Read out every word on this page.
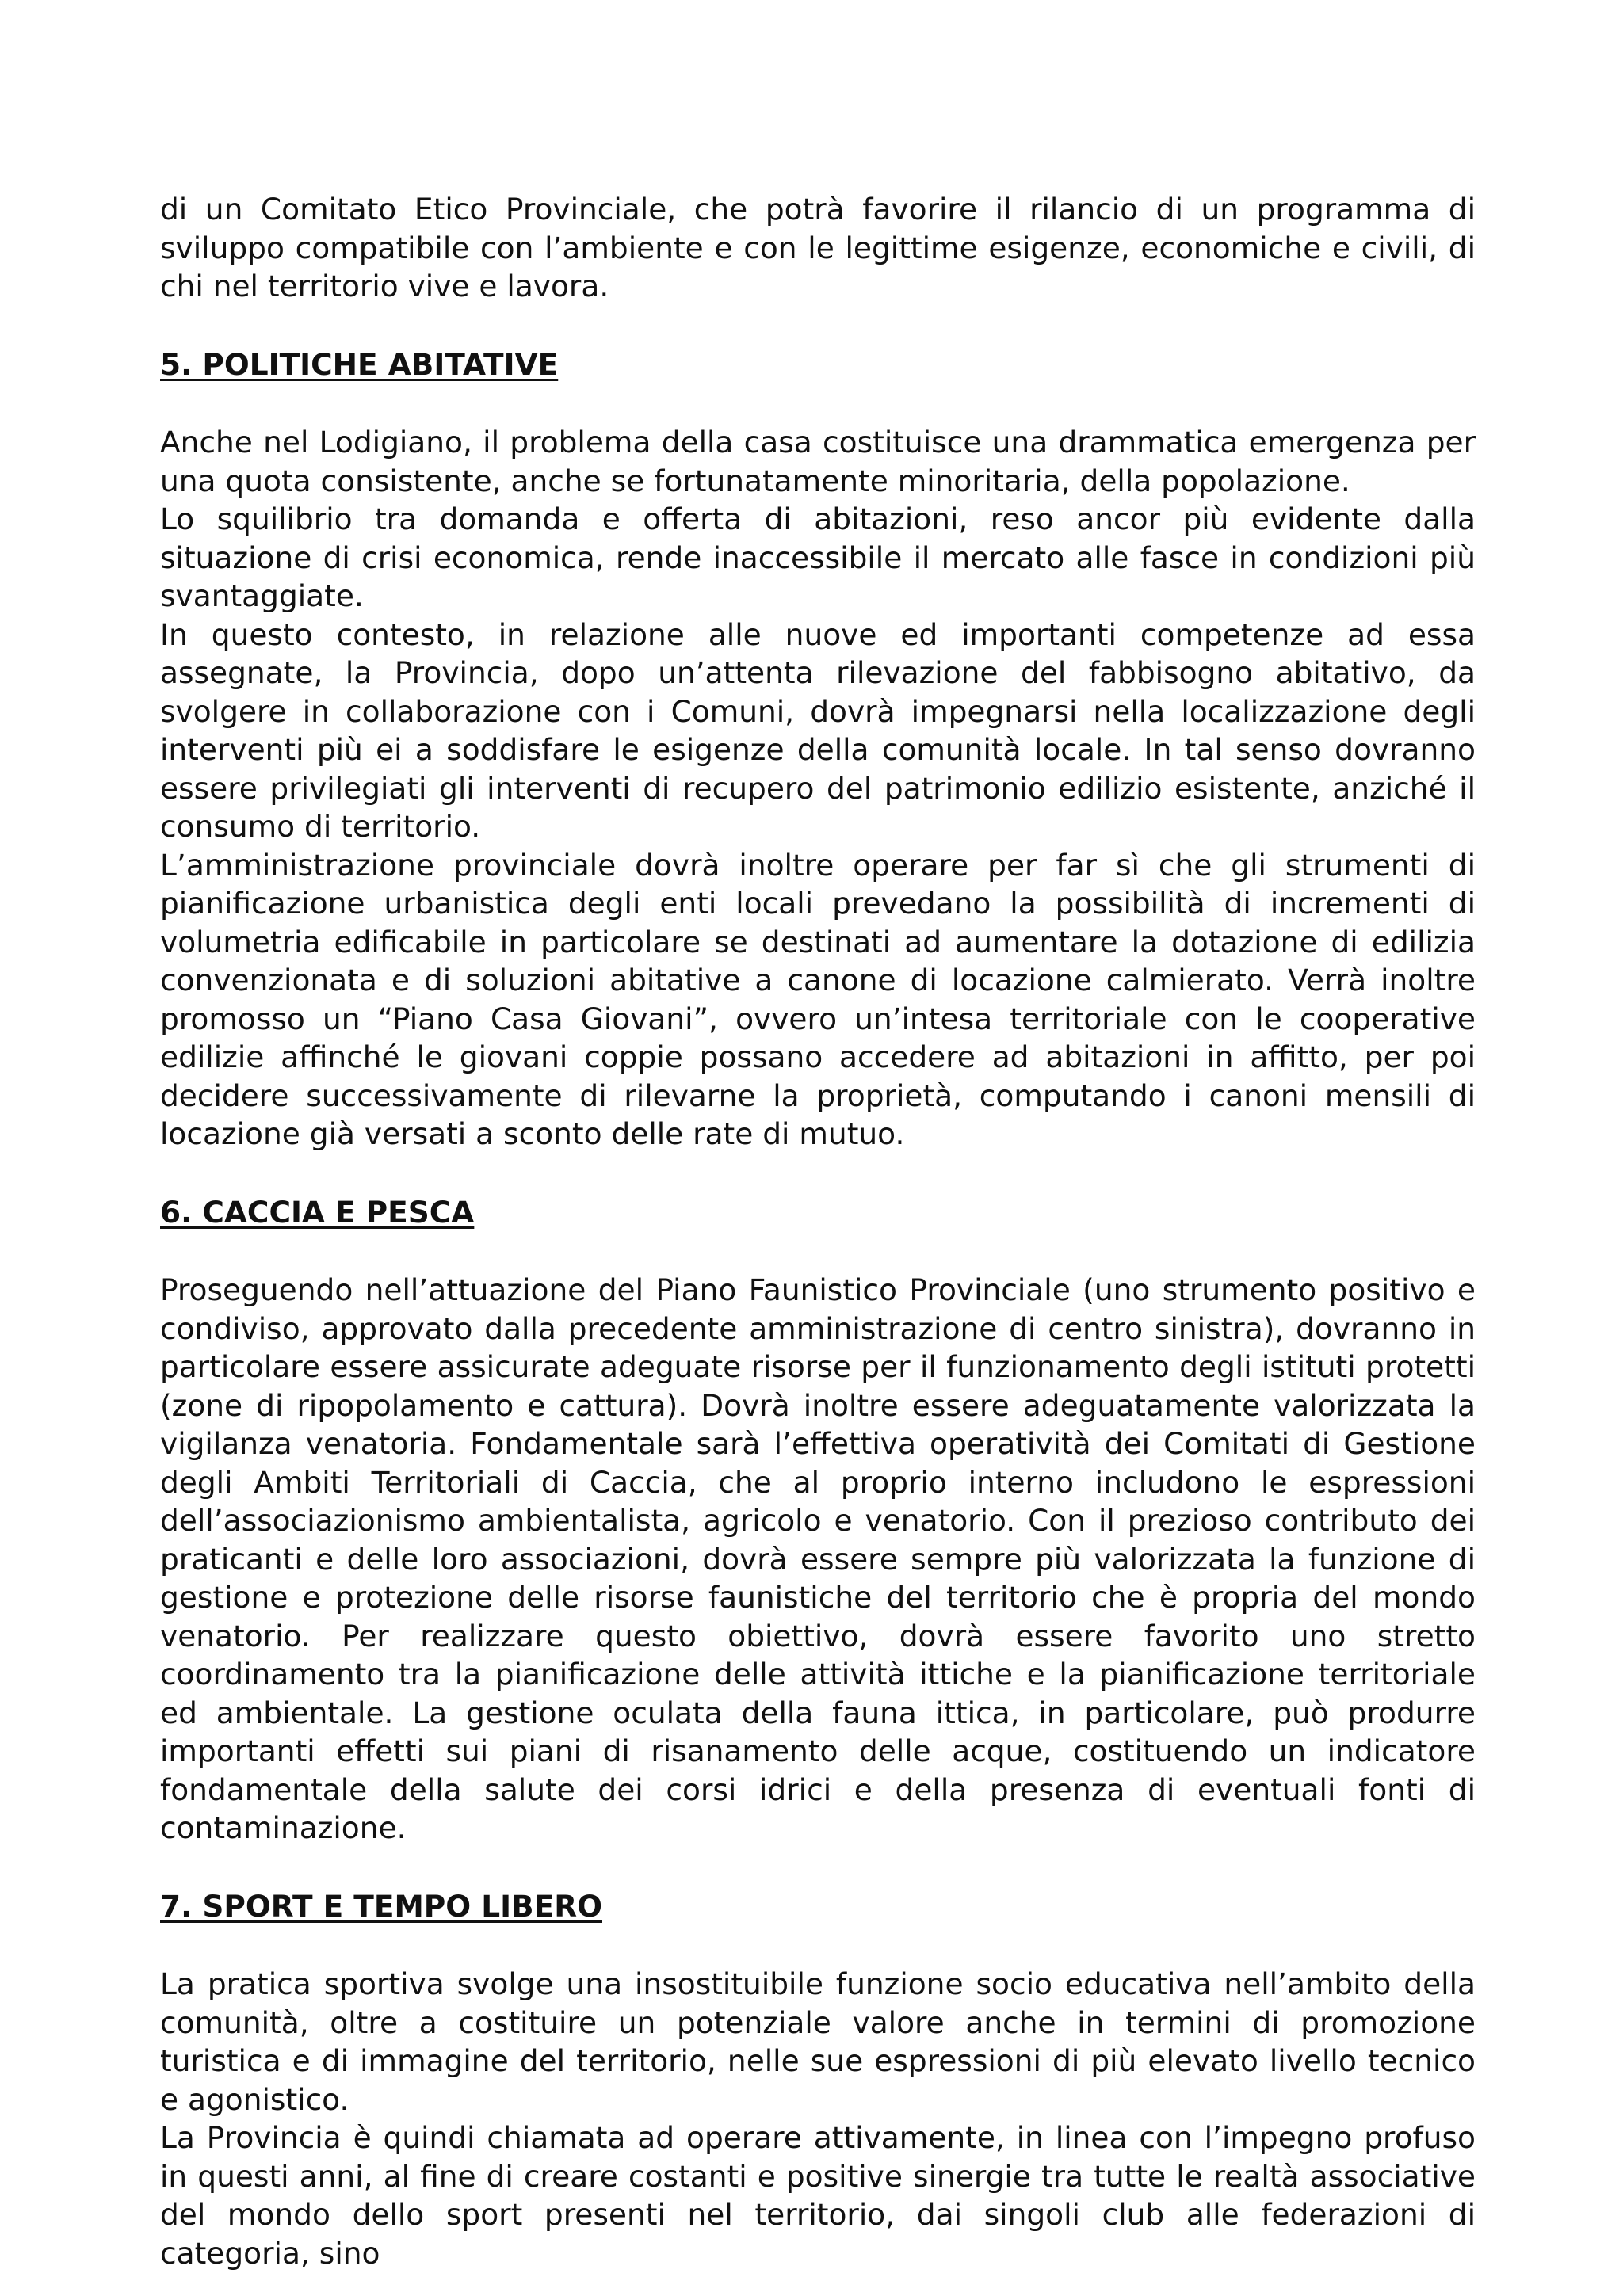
di un Comitato Etico Provinciale, che potrà favorire il rilancio di un programma di sviluppo compatibile con l’ambiente e con le legittime esigenze, economiche e civili, di chi nel territorio vive e lavora.

5. POLITICHE ABITATIVE

Anche nel Lodigiano, il problema della casa costituisce una drammatica emergenza per una quota consistente, anche se fortunatamente minoritaria, della popolazione.

Lo squilibrio tra domanda e offerta di abitazioni, reso ancor più evidente dalla situazione di crisi economica, rende inaccessibile il mercato alle fasce in condizioni più svantaggiate.

In questo contesto, in relazione alle nuove ed importanti competenze ad essa assegnate, la Provincia, dopo un’attenta rilevazione del fabbisogno abitativo, da svolgere in collaborazione con i Comuni, dovrà impegnarsi nella localizzazione degli interventi più ei a soddisfare le esigenze della comunità locale. In tal senso dovranno essere privilegiati gli interventi di recupero del patrimonio edilizio esistente, anziché il consumo di territorio.

L’amministrazione provinciale dovrà inoltre operare per far sì che gli strumenti di pianificazione urbanistica degli enti locali prevedano la possibilità di incrementi di volumetria edificabile in particolare se destinati ad aumentare la dotazione di edilizia convenzionata e di soluzioni abitative a canone di locazione calmierato. Verrà inoltre promosso un “Piano Casa Giovani”, ovvero un’intesa territoriale con le cooperative edilizie affinché le giovani coppie possano accedere ad abitazioni in affitto, per poi decidere successivamente di rilevarne la proprietà, computando i canoni mensili di locazione già versati a sconto delle rate di mutuo.

6. CACCIA E PESCA

Proseguendo nell’attuazione del Piano Faunistico Provinciale (uno strumento positivo e condiviso, approvato dalla precedente amministrazione di centro sinistra), dovranno in particolare essere assicurate adeguate risorse per il funzionamento degli istituti protetti (zone di ripopolamento e cattura). Dovrà inoltre essere adeguatamente valorizzata la vigilanza venatoria. Fondamentale sarà l’effettiva operatività dei Comitati di Gestione degli Ambiti Territoriali di Caccia, che al proprio interno includono le espressioni dell’associazionismo ambientalista, agricolo e venatorio. Con il prezioso contributo dei praticanti e delle loro associazioni, dovrà essere sempre più valorizzata la funzione di gestione e protezione delle risorse faunistiche del territorio che è propria del mondo venatorio. Per realizzare questo obiettivo, dovrà essere favorito uno stretto coordinamento tra la pianificazione delle attività ittiche e la pianificazione territoriale ed ambientale. La gestione oculata della fauna ittica, in particolare, può produrre importanti effetti sui piani di risanamento delle acque, costituendo un indicatore fondamentale della salute dei corsi idrici e della presenza di eventuali fonti di contaminazione.

7. SPORT E TEMPO LIBERO

La pratica sportiva svolge una insostituibile funzione socio educativa nell’ambito della comunità, oltre a costituire un potenziale valore anche in termini di promozione turistica e di immagine del territorio, nelle sue espressioni di più elevato livello tecnico e agonistico.

La Provincia è quindi chiamata ad operare attivamente, in linea con l’impegno profuso in questi anni, al fine di creare costanti e positive sinergie tra tutte le realtà associative del mondo dello sport presenti nel territorio, dai singoli club alle federazioni di categoria, sino
